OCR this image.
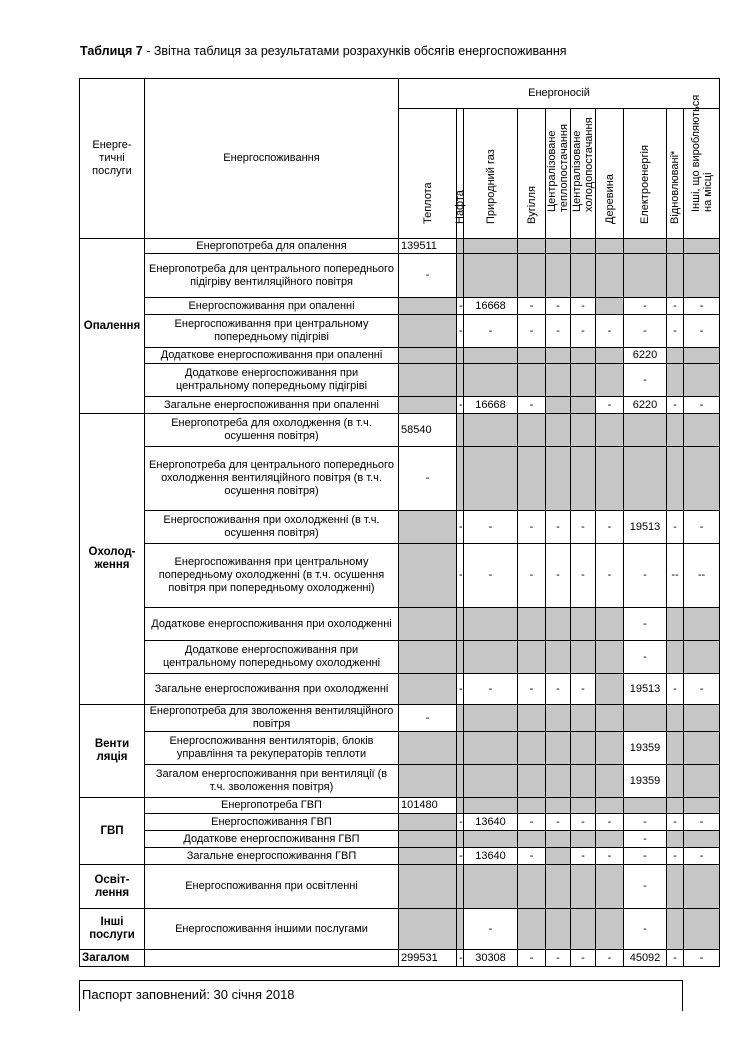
Таблиця 7 - Звітна таблиця за результатами розрахунків обсягів енергоспоживання
Енерге-тичні послуги	Енергоспоживання	Енергоносій									

		Теплота	Нафта	Природний газ	Вугілля	Централізоване теплопостачання	Централізоване холодопостачання	Деревина	Електроенергія	Відновлювані*	Інші, що виробляються на місці

Опалення	Енергопотреба для опалення	139511									
	Енергопотреба для центрального попереднього підігріву вентиляційного повітря	-									
	Енергоспоживання при опаленні		-	16668	-	-	-		-	-	-
	Енергоспоживання при центральному попередньому підігріві		-	-	-	-	-	-	-	-	-
	Додаткове енергоспоживання при опаленні								6220		
	Додаткове енергоспоживання при центральному попередньому підігріві								-		
	Загальне енергоспоживання при опаленні		-	16668	-			-	6220	-	-
Охолод-ження	Енергопотреба для охолодження (в т.ч. осушення повітря)	58540									
	Енергопотреба для центрального попереднього охолодження вентиляційного повітря (в т.ч. осушення повітря)	-									
	Енергоспоживання при охолодженні (в т.ч. осушення повітря)		-	-	-	-	-	-	19513	-	-
	Енергоспоживання при центральному попередньому охолодженні (в т.ч. осушення повітря при попередньому охолодженні)		-	-	-	-	-	-	-	--	--
	Додаткове енергоспоживання при охолодженні								-		
	Додаткове енергоспоживання при центральному попередньому охолодженні								-		
	Загальне енергоспоживання при охолодженні		-	-	-	-	-		19513	-	-
Венти ляція	Енергопотреба для зволоження вентиляційного повітря	-									
	Енергоспоживання вентиляторів, блоків управління та рекуператорів теплоти								19359		
	Загалом енергоспоживання при вентиляції (в т.ч. зволоження повітря)								19359		
ГВП	Енергопотреба ГВП	101480									
	Енергоспоживання ГВП		-	13640	-	-	-	-	-	-	-
	Додаткове енергоспоживання ГВП								-		
	Загальне енергоспоживання ГВП		-	13640	-		-	-	-	-	-
Освіт-лення	Енергоспоживання при освітленні								-		
Інші послуги	Енергоспоживання іншими послугами			-					-		
Загалом		299531	-	30308	-	-	-	-	45092	-	-
Паспорт заповнений: 30 січня 2018
